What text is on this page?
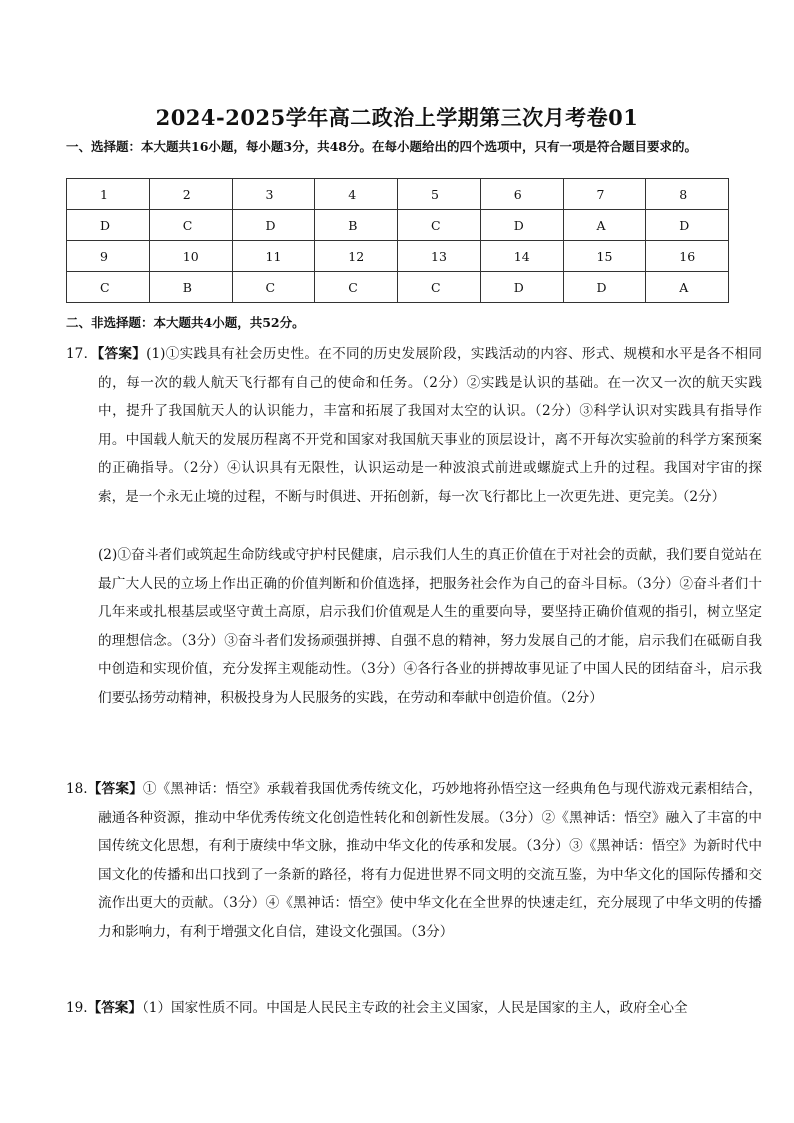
2024-2025学年高二政治上学期第三次月考卷01
一、选择题：本大题共16小题，每小题3分，共48分。在每小题给出的四个选项中，只有一项是符合题目要求的。
1	2	3	4	5	6	7	8
D	C	D	B	C	D	A	D
9	10	11	12	13	14	15	16
C	B	C	C	C	D	D	A
二、非选择题：本大题共4小题，共52分。
17．【答案】(1)①实践具有社会历史性。在不同的历史发展阶段，实践活动的内容、形式、规模和水平是各不相同的，每一次的载人航天飞行都有自己的使命和任务。（2分）②实践是认识的基础。在一次又一次的航天实践中，提升了我国航天人的认识能力，丰富和拓展了我国对太空的认识。（2分）③科学认识对实践具有指导作用。中国载人航天的发展历程离不开党和国家对我国航天事业的顶层设计，离不开每次实验前的科学方案预案的正确指导。（2分）④认识具有无限性，认识运动是一种波浪式前进或螺旋式上升的过程。我国对宇宙的探索，是一个永无止境的过程，不断与时俱进、开拓创新，每一次飞行都比上一次更先进、更完美。（2分）
(2)①奋斗者们或筑起生命防线或守护村民健康，启示我们人生的真正价值在于对社会的贡献，我们要自觉站在最广大人民的立场上作出正确的价值判断和价值选择，把服务社会作为自己的奋斗目标。（3分）②奋斗者们十几年来或扎根基层或坚守黄土高原，启示我们价值观是人生的重要向导，要坚持正确价值观的指引，树立坚定的理想信念。（3分）③奋斗者们发扬顽强拼搏、自强不息的精神，努力发展自己的才能，启示我们在砥砺自我中创造和实现价值，充分发挥主观能动性。（3分）④各行各业的拼搏故事见证了中国人民的团结奋斗，启示我们要弘扬劳动精神，积极投身为人民服务的实践，在劳动和奉献中创造价值。（2分）
18.【答案】①《黑神话：悟空》承载着我国优秀传统文化，巧妙地将孙悟空这一经典角色与现代游戏元素相结合，融通各种资源，推动中华优秀传统文化创造性转化和创新性发展。（3分）②《黑神话：悟空》融入了丰富的中国传统文化思想，有利于赓续中华文脉，推动中华文化的传承和发展。（3分）③《黑神话：悟空》为新时代中国文化的传播和出口找到了一条新的路径，将有力促进世界不同文明的交流互鉴，为中华文化的国际传播和交流作出更大的贡献。（3分）④《黑神话：悟空》使中华文化在全世界的快速走红，充分展现了中华文明的传播力和影响力，有利于增强文化自信，建设文化强国。（3分）
19.【答案】（1）国家性质不同。中国是人民民主专政的社会主义国家，人民是国家的主人，政府全心全
